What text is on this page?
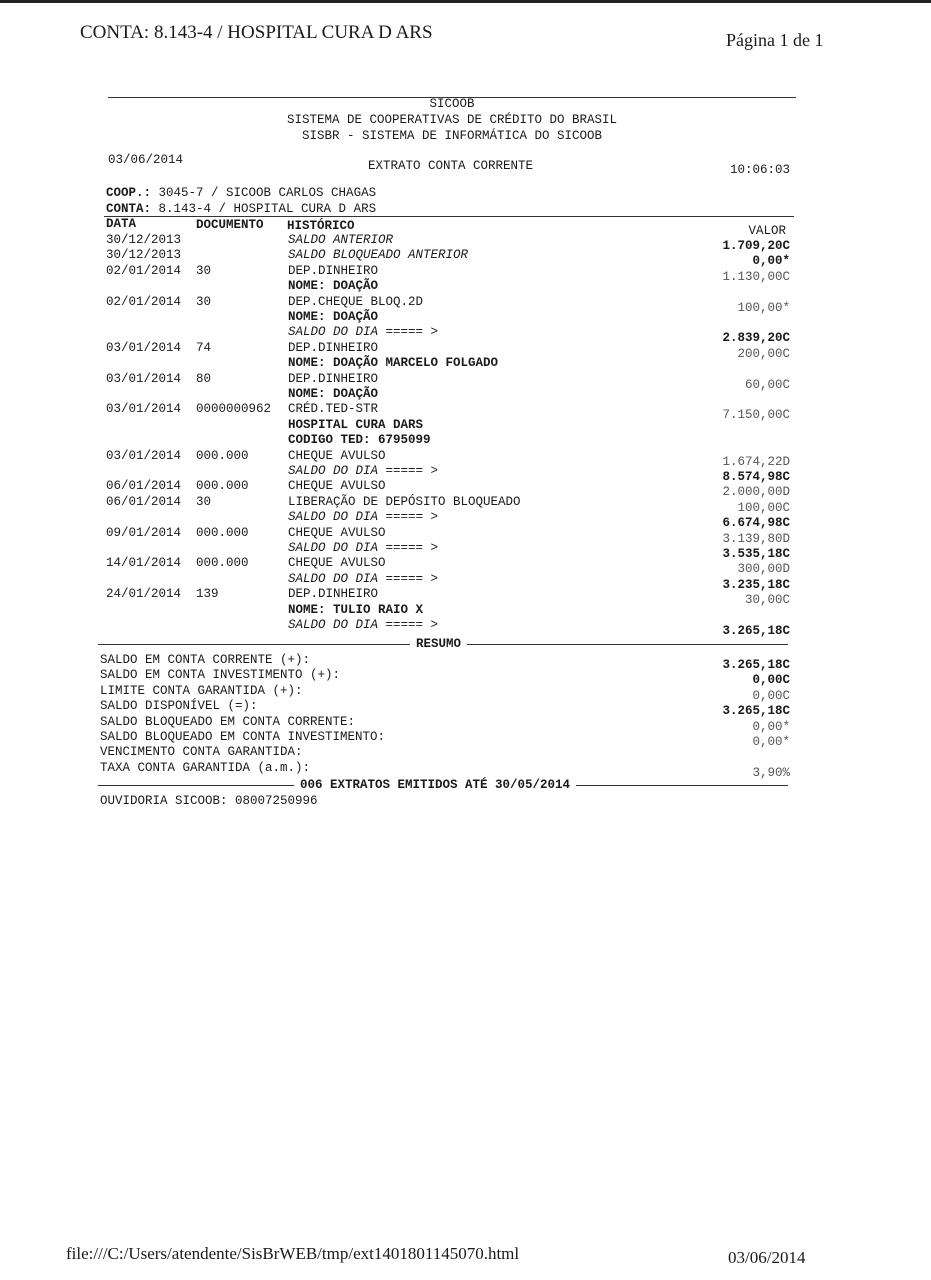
CONTA: 8.143-4 / HOSPITAL CURA D ARS	Página 1 de 1
SICOOB
SISTEMA DE COOPERATIVAS DE CRÉDITO DO BRASIL
SISBR - SISTEMA DE INFORMÁTICA DO SICOOB
03/06/2014	EXTRATO CONTA CORRENTE	10:06:03
COOP.: 3045-7 / SICOOB CARLOS CHAGAS
CONTA: 8.143-4 / HOSPITAL CURA D ARS
DATA	DOCUMENTO HISTÓRICO	VALOR
30/12/2013	SALDO ANTERIOR	1.709,20C
30/12/2013	SALDO BLOQUEADO ANTERIOR	0,00*
02/01/2014 30	DEP.DINHEIRO	1.130,00C
NOME: DOAÇÃO
02/01/2014 30	DEP.CHEQUE BLOQ.2D	100,00*
NOME: DOAÇÃO
SALDO DO DIA ===== >	2.839,20C
03/01/2014 74	DEP.DINHEIRO	200,00C
NOME: DOAÇÃO MARCELO FOLGADO
03/01/2014 80	DEP.DINHEIRO	60,00C
NOME: DOAÇÃO
03/01/2014 0000000962 CRÉD.TED-STR	7.150,00C
HOSPITAL CURA DARS
CODIGO TED: 6795099
03/01/2014 000.000	CHEQUE AVULSO	1.674,22D
SALDO DO DIA ===== >	8.574,98C
06/01/2014 000.000	CHEQUE AVULSO	2.000,00D
06/01/2014 30	LIBERAÇÃO DE DEPÓSITO BLOQUEADO	100,00C
SALDO DO DIA ===== >	6.674,98C
09/01/2014 000.000	CHEQUE AVULSO	3.139,80D
SALDO DO DIA ===== >	3.535,18C
14/01/2014 000.000	CHEQUE AVULSO	300,00D
SALDO DO DIA ===== >	3.235,18C
24/01/2014 139	DEP.DINHEIRO	30,00C
NOME: TULIO RAIO X
SALDO DO DIA ===== >	3.265,18C
RESUMO
SALDO EM CONTA CORRENTE (+):	3.265,18C
SALDO EM CONTA INVESTIMENTO (+):	0,00C
LIMITE CONTA GARANTIDA (+):	0,00C
SALDO DISPONÍVEL (=):	3.265,18C
SALDO BLOQUEADO EM CONTA CORRENTE:	0,00*
SALDO BLOQUEADO EM CONTA INVESTIMENTO:	0,00*
VENCIMENTO CONTA GARANTIDA:
TAXA CONTA GARANTIDA (a.m.):	3,90%
006 EXTRATOS EMITIDOS ATÉ 30/05/2014
OUVIDORIA SICOOB: 08007250996
file:///C:/Users/atendente/SisBrWEB/tmp/ext1401801145070.html	03/06/2014
